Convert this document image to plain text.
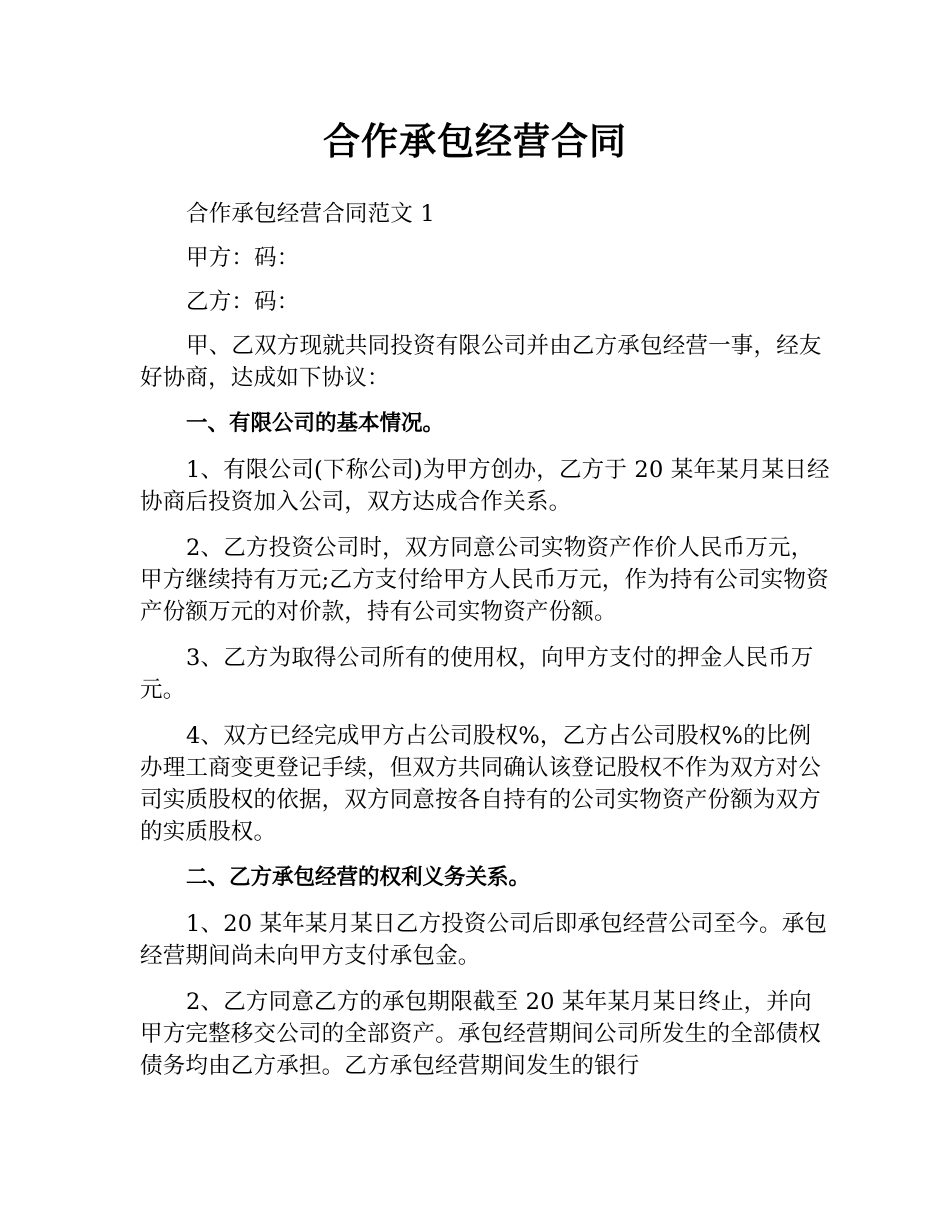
合作承包经营合同

合作承包经营合同范文 1

甲方：码：

乙方：码：

甲、乙双方现就共同投资有限公司并由乙方承包经营一事，经友好协商，达成如下协议：

一、有限公司的基本情况。

1、有限公司(下称公司)为甲方创办，乙方于 20 某年某月某日经协商后投资加入公司，双方达成合作关系。

2、乙方投资公司时，双方同意公司实物资产作价人民币万元，甲方继续持有万元;乙方支付给甲方人民币万元，作为持有公司实物资产份额万元的对价款，持有公司实物资产份额。

3、乙方为取得公司所有的使用权，向甲方支付的押金人民币万元。

4、双方已经完成甲方占公司股权%，乙方占公司股权%的比例办理工商变更登记手续，但双方共同确认该登记股权不作为双方对公司实质股权的依据，双方同意按各自持有的公司实物资产份额为双方的实质股权。

二、乙方承包经营的权利义务关系。

1、20 某年某月某日乙方投资公司后即承包经营公司至今。承包经营期间尚未向甲方支付承包金。

2、乙方同意乙方的承包期限截至 20 某年某月某日终止，并向甲方完整移交公司的全部资产。承包经营期间公司所发生的全部债权债务均由乙方承担。乙方承包经营期间发生的银行
